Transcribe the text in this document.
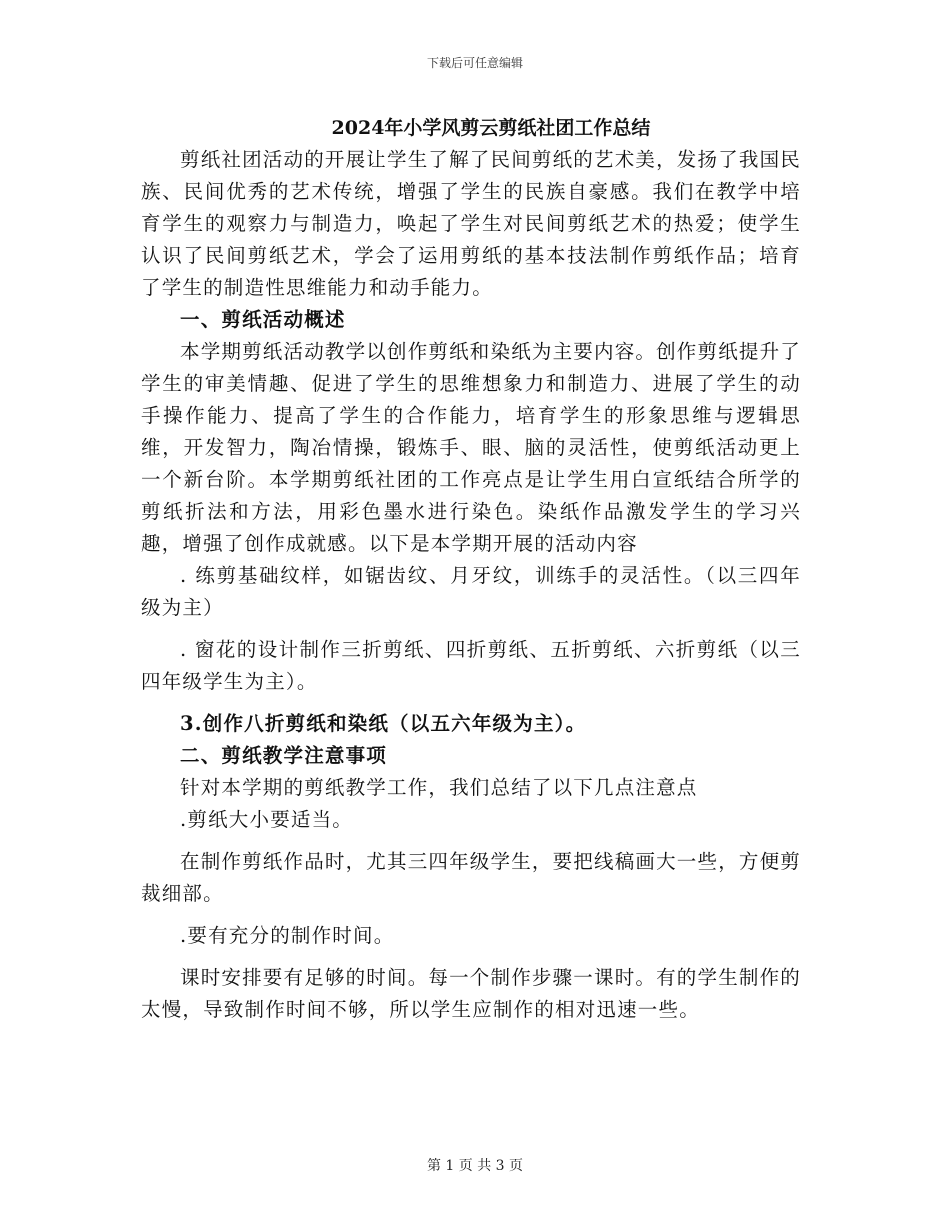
下载后可任意编辑
2024年小学风剪云剪纸社团工作总结

剪纸社团活动的开展让学生了解了民间剪纸的艺术美，发扬了我国民族、民间优秀的艺术传统，增强了学生的民族自豪感。我们在教学中培育学生的观察力与制造力，唤起了学生对民间剪纸艺术的热爱；使学生认识了民间剪纸艺术，学会了运用剪纸的基本技法制作剪纸作品；培育了学生的制造性思维能力和动手能力。

一、剪纸活动概述

本学期剪纸活动教学以创作剪纸和染纸为主要内容。创作剪纸提升了学生的审美情趣、促进了学生的思维想象力和制造力、进展了学生的动手操作能力、提高了学生的合作能力，培育学生的形象思维与逻辑思维，开发智力，陶冶情操，锻炼手、眼、脑的灵活性，使剪纸活动更上一个新台阶。本学期剪纸社团的工作亮点是让学生用白宣纸结合所学的剪纸折法和方法，用彩色墨水进行染色。染纸作品激发学生的学习兴趣，增强了创作成就感。以下是本学期开展的活动内容

. 练剪基础纹样，如锯齿纹、月牙纹，训练手的灵活性。（以三四年级为主）

. 窗花的设计制作三折剪纸、四折剪纸、五折剪纸、六折剪纸（以三四年级学生为主）。

3.创作八折剪纸和染纸（以五六年级为主）。

二、剪纸教学注意事项

针对本学期的剪纸教学工作，我们总结了以下几点注意点

.剪纸大小要适当。

在制作剪纸作品时，尤其三四年级学生，要把线稿画大一些，方便剪裁细部。

.要有充分的制作时间。

课时安排要有足够的时间。每一个制作步骤一课时。有的学生制作的太慢，导致制作时间不够，所以学生应制作的相对迅速一些。

第 1 页 共 3 页
